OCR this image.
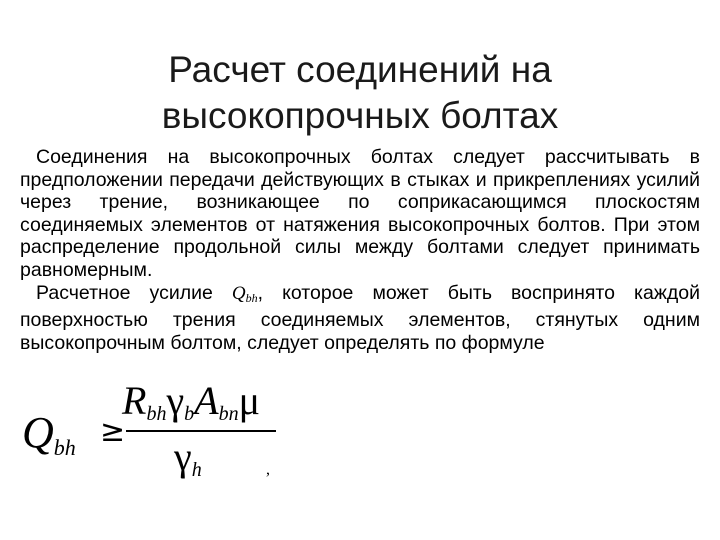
Расчет соединений на
высокопрочных болтах

Соединения на высокопрочных болтах следует рассчитывать в предположении передачи действующих в стыках и прикреплениях усилий через трение, возникающее по соприкасающимся плоскостям соединяемых элементов от натяжения высокопрочных болтов. При этом распределение продольной силы между болтами следует принимать равномерным.

Расчетное усилие $Q_{bh}$, которое может быть воспринято каждой поверхностью трения соединяемых элементов, стянутых одним высокопрочным болтом, следует определять по формуле

$Q_{bh}$ ≥
$R_{bh}\gamma_bA_{bn}\mu$
$\gamma_h$	,
